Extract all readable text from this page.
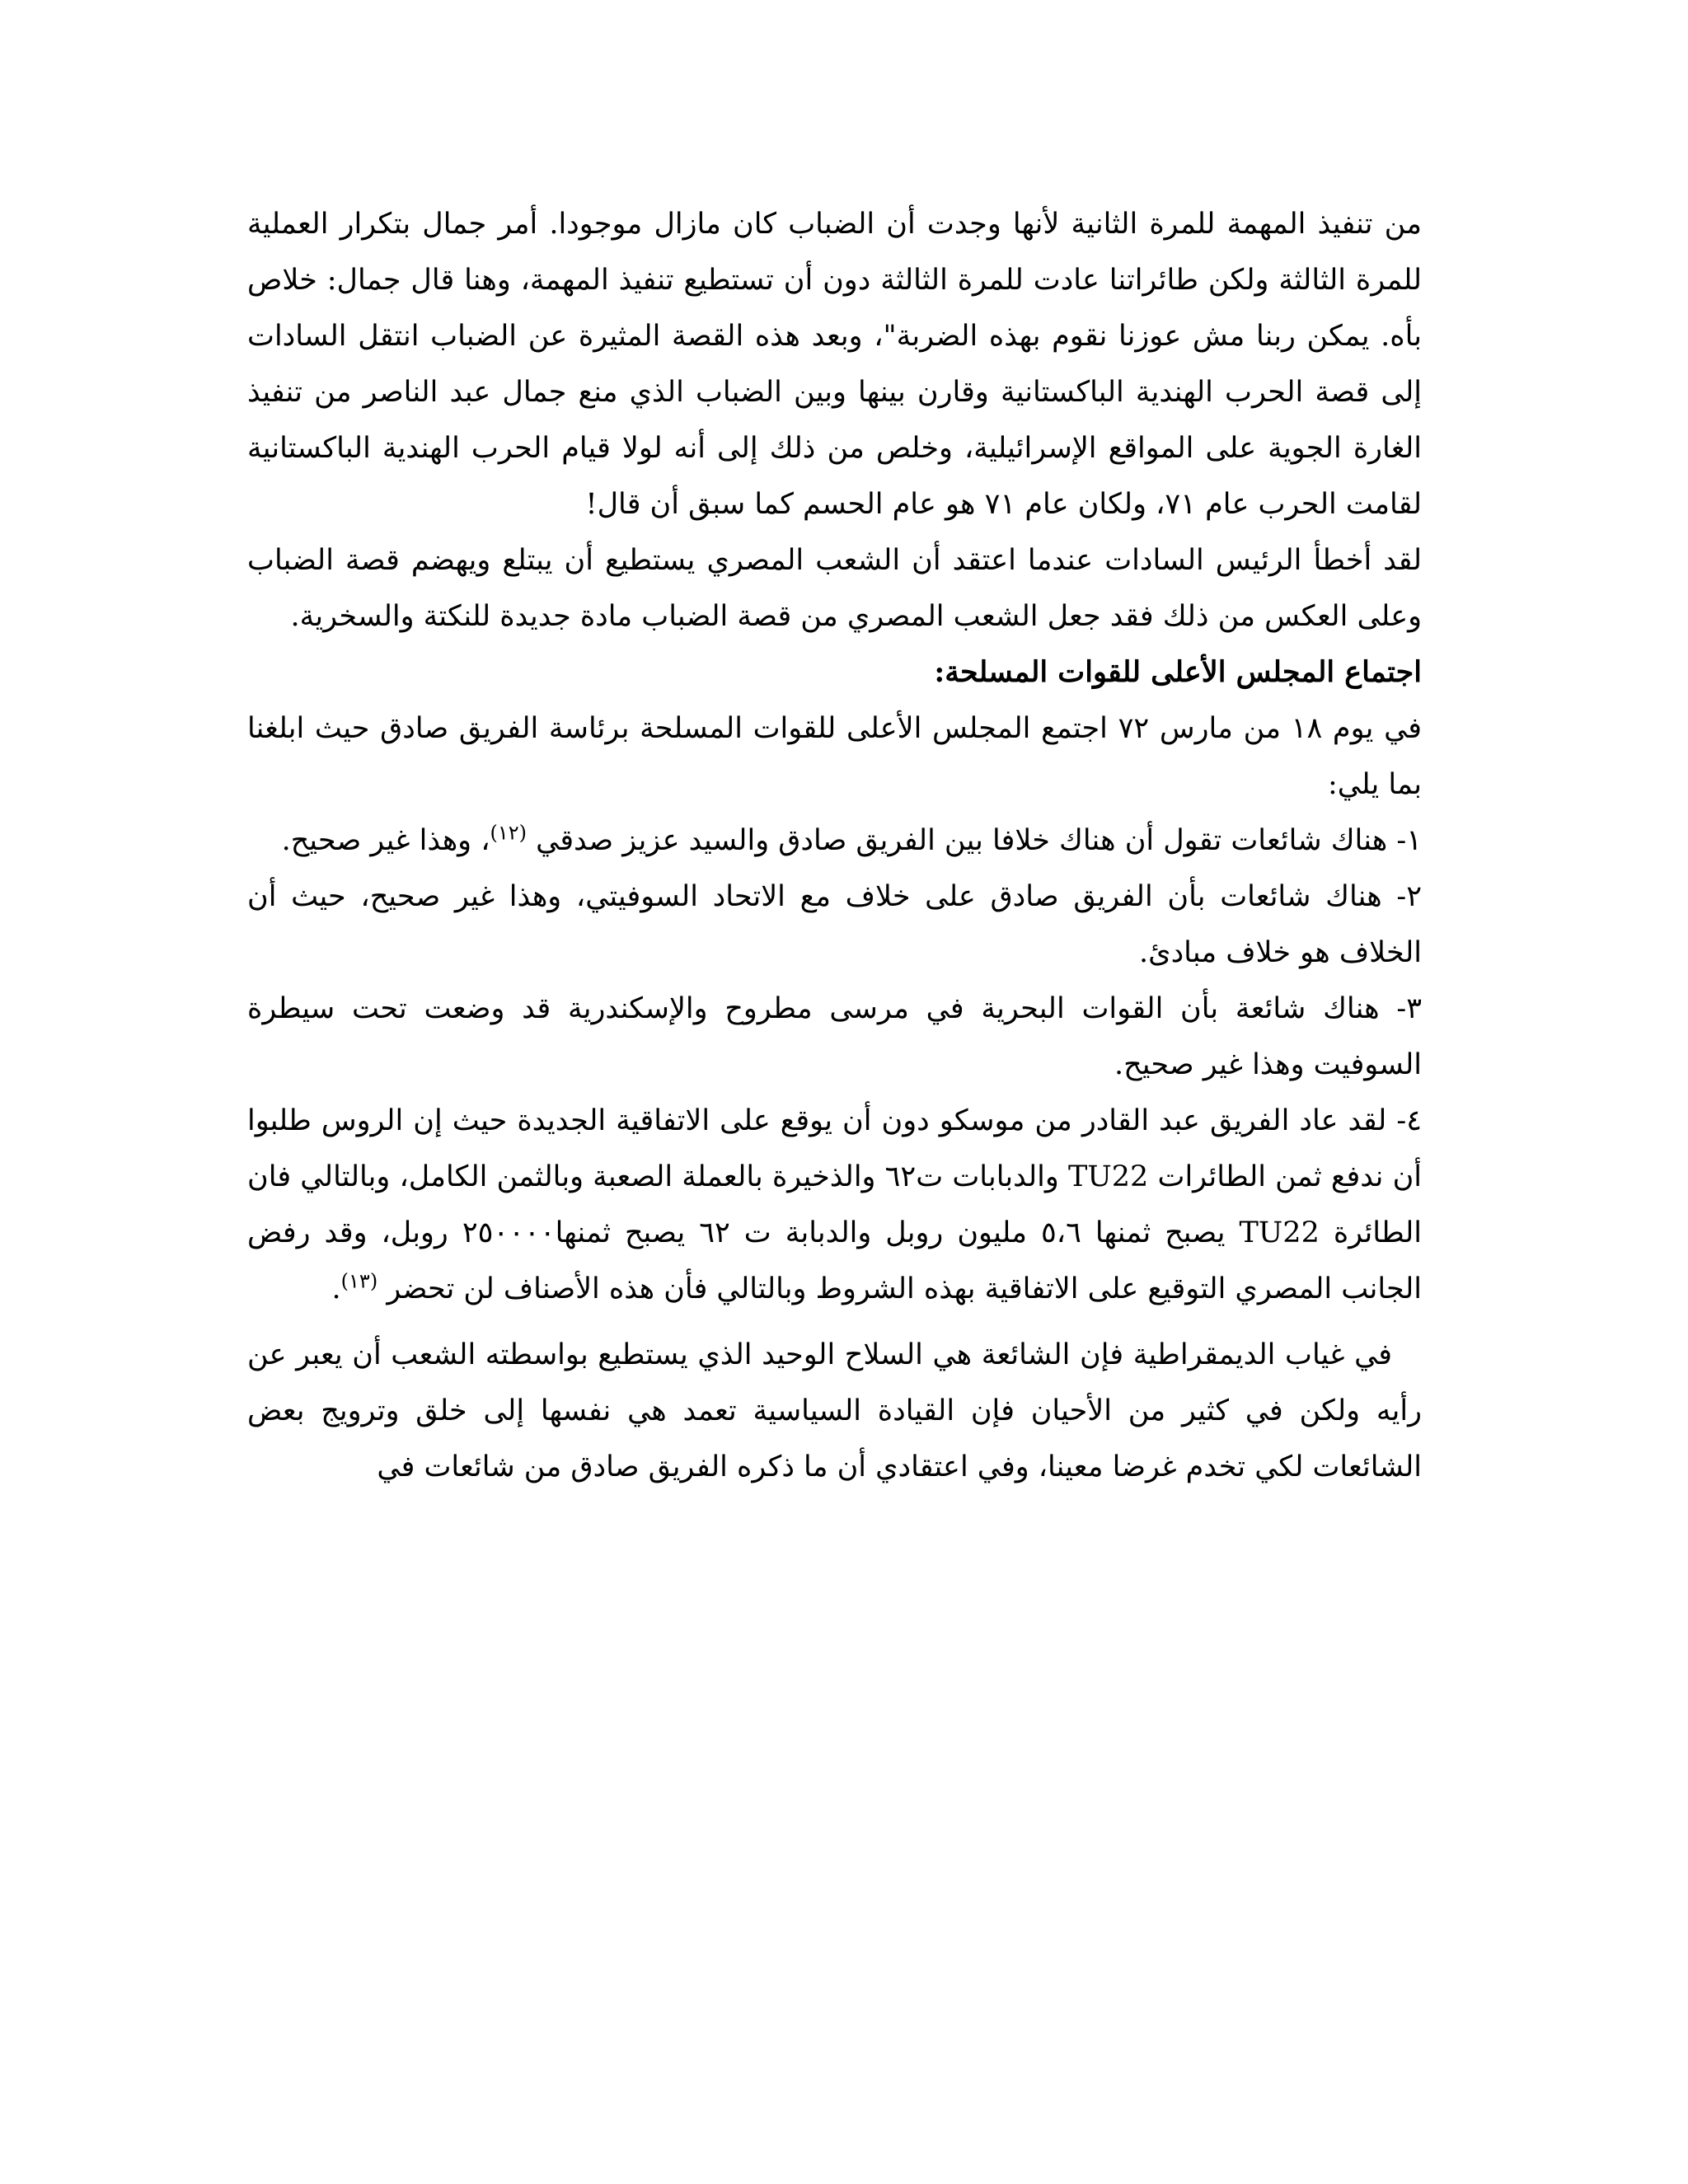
من تنفيذ المهمة للمرة الثانية لأنها وجدت أن الضباب كان مازال موجودا. أمر جمال بتكرار العملية للمرة الثالثة ولكن طائراتنا عادت للمرة الثالثة دون أن تستطيع تنفيذ المهمة، وهنا قال جمال: خلاص بأه. يمكن ربنا مش عوزنا نقوم بهذه الضربة"، وبعد هذه القصة المثيرة عن الضباب انتقل السادات إلى قصة الحرب الهندية الباكستانية وقارن بينها وبين الضباب الذي منع جمال عبد الناصر من تنفيذ الغارة الجوية على المواقع الإسرائيلية، وخلص من ذلك إلى أنه لولا قيام الحرب الهندية الباكستانية لقامت الحرب عام ٧١، ولكان عام ٧١ هو عام الحسم كما سبق أن قال!

لقد أخطأ الرئيس السادات عندما اعتقد أن الشعب المصري يستطيع أن يبتلع ويهضم قصة الضباب وعلى العكس من ذلك فقد جعل الشعب المصري من قصة الضباب مادة جديدة للنكتة والسخرية.

اجتماع المجلس الأعلى للقوات المسلحة:

في يوم ١٨ من مارس ٧٢ اجتمع المجلس الأعلى للقوات المسلحة برئاسة الفريق صادق حيث ابلغنا بما يلي:

١- هناك شائعات تقول أن هناك خلافا بين الفريق صادق والسيد عزيز صدقي $^{(١٢)}$، وهذا غير صحيح.

٢- هناك شائعات بأن الفريق صادق على خلاف مع الاتحاد السوفيتي، وهذا غير صحيح، حيث أن الخلاف هو خلاف مبادئ.

٣- هناك شائعة بأن القوات البحرية في مرسى مطروح والإسكندرية قد وضعت تحت سيطرة السوفيت وهذا غير صحيح.

٤- لقد عاد الفريق عبد القادر من موسكو دون أن يوقع على الاتفاقية الجديدة حيث إن الروس طلبوا أن ندفع ثمن الطائرات TU22 والدبابات ت٦٢ والذخيرة بالعملة الصعبة وبالثمن الكامل، وبالتالي فان الطائرة TU22 يصبح ثمنها ٥،٦ مليون روبل والدبابة ت ٦٢ يصبح ثمنها٢٥٠٠٠٠ روبل، وقد رفض الجانب المصري التوقيع على الاتفاقية بهذه الشروط وبالتالي فأن هذه الأصناف لن تحضر $^{(١٣)}$.

في غياب الديمقراطية فإن الشائعة هي السلاح الوحيد الذي يستطيع بواسطته الشعب أن يعبر عن رأيه ولكن في كثير من الأحيان فإن القيادة السياسية تعمد هي نفسها إلى خلق وترويج بعض الشائعات لكي تخدم غرضا معينا، وفي اعتقادي أن ما ذكره الفريق صادق من شائعات في
